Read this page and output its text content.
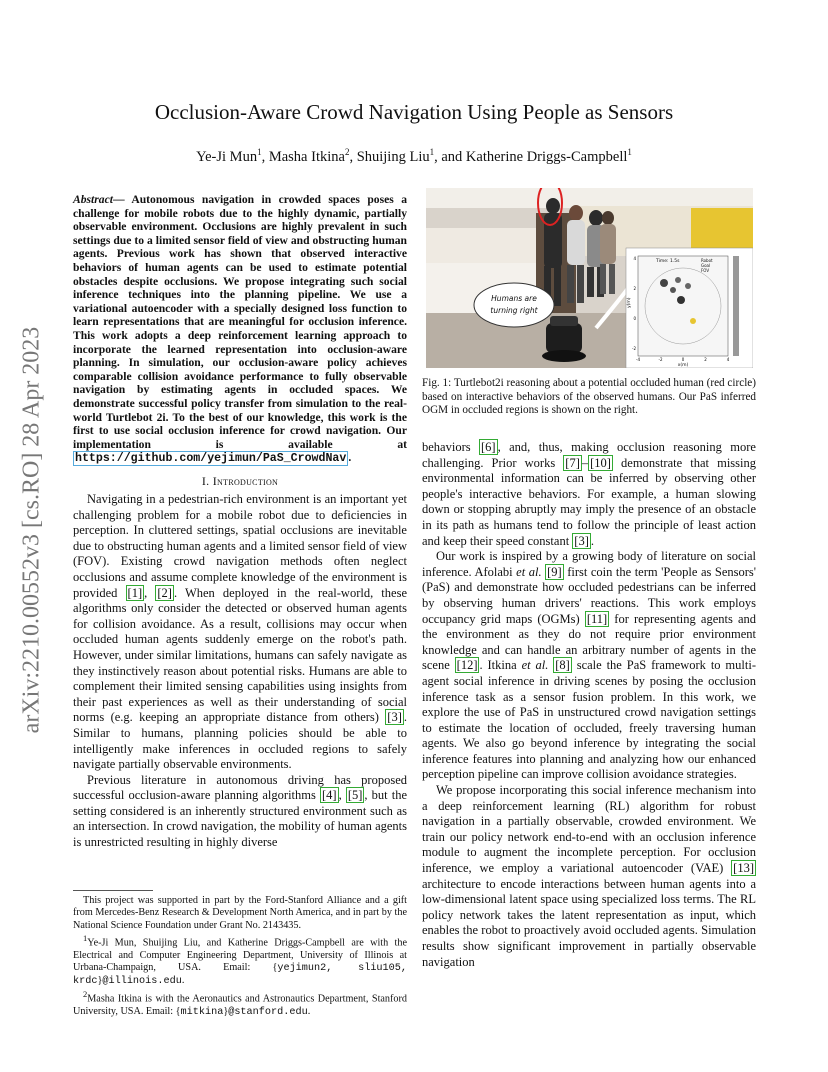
Occlusion-Aware Crowd Navigation Using People as Sensors
Ye-Ji Mun$^1$, Masha Itkina$^2$, Shuijing Liu$^1$, and Katherine Driggs-Campbell$^1$
arXiv:2210.00552v3 [cs.RO] 28 Apr 2023
Abstract— Autonomous navigation in crowded spaces poses a challenge for mobile robots due to the highly dynamic, partially observable environment. Occlusions are highly prevalent in such settings due to a limited sensor field of view and obstructing human agents. Previous work has shown that observed interactive behaviors of human agents can be used to estimate potential obstacles despite occlusions. We propose integrating such social inference techniques into the planning pipeline. We use a variational autoencoder with a specially designed loss function to learn representations that are meaningful for occlusion inference. This work adopts a deep reinforcement learning approach to incorporate the learned representation into occlusion-aware planning. In simulation, our occlusion-aware policy achieves comparable collision avoidance performance to fully observable navigation by estimating agents in occluded spaces. We demonstrate successful policy transfer from simulation to the real-world Turtlebot 2i. To the best of our knowledge, this work is the first to use social occlusion inference for crowd navigation. Our implementation is available at https://github.com/yejimun/PaS_CrowdNav .
I. Introduction

Navigating in a pedestrian-rich environment is an important yet challenging problem for a mobile robot due to deficiencies in perception. In cluttered settings, spatial occlusions are inevitable due to obstructing human agents and a limited sensor field of view (FOV). Existing crowd navigation methods often neglect occlusions and assume complete knowledge of the environment is provided [1] , [2] . When deployed in the real-world, these algorithms only consider the detected or observed human agents for collision avoidance. As a result, collisions may occur when occluded human agents suddenly emerge on the robot's path. However, under similar limitations, humans can safely navigate as they instinctively reason about potential risks. Humans are able to complement their limited sensing capabilities using insights from their past experiences as well as their understanding of social norms (e.g. keeping an appropriate distance from others) [3] . Similar to humans, planning policies should be able to intelligently make inferences in occluded regions to safely navigate partially observable environments.

Previous literature in autonomous driving has proposed successful occlusion-aware planning algorithms [4] , [5] , but the setting considered is an inherently structured environment such as an intersection. In crowd navigation, the mobility of human agents is unrestricted resulting in highly diverse

This project was supported in part by the Ford-Stanford Alliance and a gift from Mercedes-Benz Research & Development North America, and in part by the National Science Foundation under Grant No. 2143435.

$^1$Ye-Ji Mun, Shuijing Liu, and Katherine Driggs-Campbell are with the Electrical and Computer Engineering Department, University of Illinois at Urbana-Champaign, USA. Email: {yejimun2, sliu105, krdc}@illinois.edu.

$^2$Masha Itkina is with the Aeronautics and Astronautics Department, Stanford University, USA. Email: {mitkina}@stanford.edu.

Humans are
turning right
Time: 1.5s	Robot
Goal
FOV
x(m)
y(m)
-4	-2	0	2	4
4
2
0
-2
Fig. 1: Turtlebot2i reasoning about a potential occluded human (red circle) based on interactive behaviors of the observed humans. Our PaS inferred OGM in occluded regions is shown on the right.

behaviors [6] , and, thus, making occlusion reasoning more challenging. Prior works [7] – [10] demonstrate that missing environmental information can be inferred by observing other people's interactive behaviors. For example, a human slowing down or stopping abruptly may imply the presence of an obstacle in its path as humans tend to follow the principle of least action and keep their speed constant [3] .

Our work is inspired by a growing body of literature on social inference. Afolabi et al. [9] first coin the term 'People as Sensors' (PaS) and demonstrate how occluded pedestrians can be inferred by observing human drivers' reactions. This work employs occupancy grid maps (OGMs) [11] for representing agents and the environment as they do not require prior environment knowledge and can handle an arbitrary number of agents in the scene [12] . Itkina et al. [8] scale the PaS framework to multi-agent social inference in driving scenes by posing the occlusion inference task as a sensor fusion problem. In this work, we explore the use of PaS in unstructured crowd navigation settings to estimate the location of occluded, freely traversing human agents. We also go beyond inference by integrating the social inference features into planning and analyzing how our enhanced perception pipeline can improve collision avoidance strategies.

We propose incorporating this social inference mechanism into a deep reinforcement learning (RL) algorithm for robust navigation in a partially observable, crowded environment. We train our policy network end-to-end with an occlusion inference module to augment the incomplete perception. For occlusion inference, we employ a variational autoencoder (VAE) [13] architecture to encode interactions between human agents into a low-dimensional latent space using specialized loss terms. The RL policy network takes the latent representation as input, which enables the robot to proactively avoid occluded agents. Simulation results show significant improvement in partially observable navigation
